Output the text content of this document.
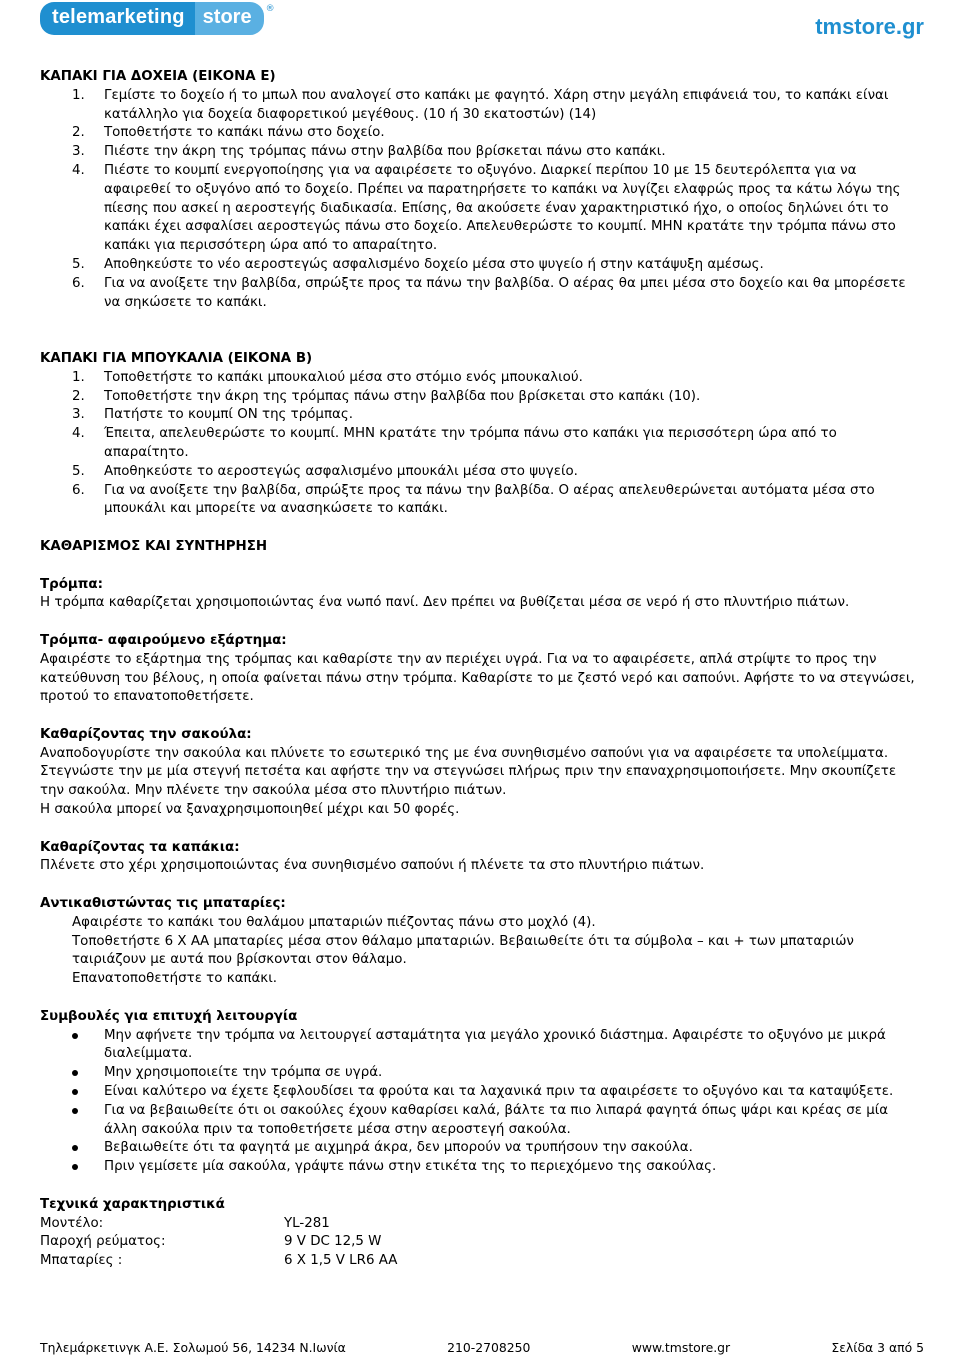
telemarketing store	®
tmstore.gr
ΚΑΠΑΚΙ ΓΙΑ ΔΟΧΕΙΑ (ΕΙΚΟΝΑ Ε)
1.	Γεμίστε το δοχείο ή το μπωλ που αναλογεί στο καπάκι με φαγητό. Χάρη στην μεγάλη επιφάνειά του, το καπάκι είναι κατάλληλο για δοχεία διαφορετικού μεγέθους. (10 ή 30 εκατοστών) (14)
2.	Τοποθετήστε το καπάκι πάνω στο δοχείο.
3.	Πιέστε την άκρη της τρόμπας πάνω στην βαλβίδα που βρίσκεται πάνω στο καπάκι.
4.	Πιέστε το κουμπί ενεργοποίησης για να αφαιρέσετε το οξυγόνο. Διαρκεί περίπου 10 με 15 δευτερόλεπτα για να αφαιρεθεί το οξυγόνο από το δοχείο. Πρέπει να παρατηρήσετε το καπάκι να λυγίζει ελαφρώς προς τα κάτω λόγω της πίεσης που ασκεί η αεροστεγής διαδικασία. Επίσης, θα ακούσετε έναν χαρακτηριστικό ήχο, ο οποίος δηλώνει ότι το καπάκι έχει ασφαλίσει αεροστεγώς πάνω στο δοχείο. Απελευθερώστε το κουμπί. ΜΗΝ κρατάτε την τρόμπα πάνω στο καπάκι για περισσότερη ώρα από το απαραίτητο.
5.	Αποθηκεύστε το νέο αεροστεγώς ασφαλισμένο δοχείο μέσα στο ψυγείο ή στην κατάψυξη αμέσως.
6.	Για να ανοίξετε την βαλβίδα, σπρώξτε προς τα πάνω την βαλβίδα. Ο αέρας θα μπει μέσα στο δοχείο και θα μπορέσετε να σηκώσετε το καπάκι.
ΚΑΠΑΚΙ ΓΙΑ ΜΠΟΥΚΑΛΙΑ (ΕΙΚΟΝΑ Β)
1.	Τοποθετήστε το καπάκι μπουκαλιού μέσα στο στόμιο ενός μπουκαλιού.
2.	Τοποθετήστε την άκρη της τρόμπας πάνω στην βαλβίδα που βρίσκεται στο καπάκι (10).
3.	Πατήστε το κουμπί ON της τρόμπας.
4.	Έπειτα, απελευθερώστε το κουμπί. ΜΗΝ κρατάτε την τρόμπα πάνω στο καπάκι για περισσότερη ώρα από το απαραίτητο.
5.	Αποθηκεύστε το αεροστεγώς ασφαλισμένο μπουκάλι μέσα στο ψυγείο.
6.	Για να ανοίξετε την βαλβίδα, σπρώξτε προς τα πάνω την βαλβίδα. Ο αέρας απελευθερώνεται αυτόματα μέσα στο μπουκάλι και μπορείτε να ανασηκώσετε το καπάκι.
ΚΑΘΑΡΙΣΜΟΣ ΚΑΙ ΣΥΝΤΗΡΗΣΗ
Τρόμπα:
Η τρόμπα καθαρίζεται χρησιμοποιώντας ένα νωπό πανί. Δεν πρέπει να βυθίζεται μέσα σε νερό ή στο πλυντήριο πιάτων.
Τρόμπα- αφαιρούμενο εξάρτημα:
Αφαιρέστε το εξάρτημα της τρόμπας και καθαρίστε την αν περιέχει υγρά. Για να το αφαιρέσετε, απλά στρίψτε το προς την κατεύθυνση του βέλους, η οποία φαίνεται πάνω στην τρόμπα. Καθαρίστε το με ζεστό νερό και σαπούνι. Αφήστε το να στεγνώσει, προτού το επανατοποθετήσετε.
Καθαρίζοντας την σακούλα:
Αναποδογυρίστε την σακούλα και πλύνετε το εσωτερικό της με ένα συνηθισμένο σαπούνι για να αφαιρέσετε τα υπολείμματα.
Στεγνώστε την με μία στεγνή πετσέτα και αφήστε την να στεγνώσει πλήρως πριν την επαναχρησιμοποιήσετε. Μην σκουπίζετε την σακούλα. Μην πλένετε την σακούλα μέσα στο πλυντήριο πιάτων.
Η σακούλα μπορεί να ξαναχρησιμοποιηθεί μέχρι και 50 φορές.
Καθαρίζοντας τα καπάκια:
Πλένετε στο χέρι χρησιμοποιώντας ένα συνηθισμένο σαπούνι ή πλένετε τα στο πλυντήριο πιάτων.
Αντικαθιστώντας τις μπαταρίες:
Αφαιρέστε το καπάκι του θαλάμου μπαταριών πιέζοντας πάνω στο μοχλό (4).
Τοποθετήστε 6 Χ ΑΑ μπαταρίες μέσα στον θάλαμο μπαταριών. Βεβαιωθείτε ότι τα σύμβολα – και + των μπαταριών ταιριάζουν με αυτά που βρίσκονται στον θάλαμο.
Επανατοποθετήστε το καπάκι.
Συμβουλές για επιτυχή λειτουργία
Μην αφήνετε την τρόμπα να λειτουργεί ασταμάτητα για μεγάλο χρονικό διάστημα. Αφαιρέστε το οξυγόνο με μικρά διαλείμματα.
Μην χρησιμοποιείτε την τρόμπα σε υγρά.
Είναι καλύτερο να έχετε ξεφλουδίσει τα φρούτα και τα λαχανικά πριν τα αφαιρέσετε το οξυγόνο και τα καταψύξετε.
Για να βεβαιωθείτε ότι οι σακούλες έχουν καθαρίσει καλά, βάλτε τα πιο λιπαρά φαγητά όπως ψάρι και κρέας σε μία άλλη σακούλα πριν τα τοποθετήσετε μέσα στην αεροστεγή σακούλα.
Βεβαιωθείτε ότι τα φαγητά με αιχμηρά άκρα, δεν μπορούν να τρυπήσουν την σακούλα.
Πριν γεμίσετε μία σακούλα, γράψτε πάνω στην ετικέτα της το περιεχόμενο της σακούλας.
Τεχνικά χαρακτηριστικά
Μοντέλο:	YL-281
Παροχή ρεύματος:	9 V DC 12,5 W
Μπαταρίες :	6 X 1,5 V LR6 AA
Τηλεμάρκετινγκ Α.Ε. Σολωμού 56, 14234 Ν.Ιωνία	210-2708250	www.tmstore.gr	Σελίδα 3 από 5
